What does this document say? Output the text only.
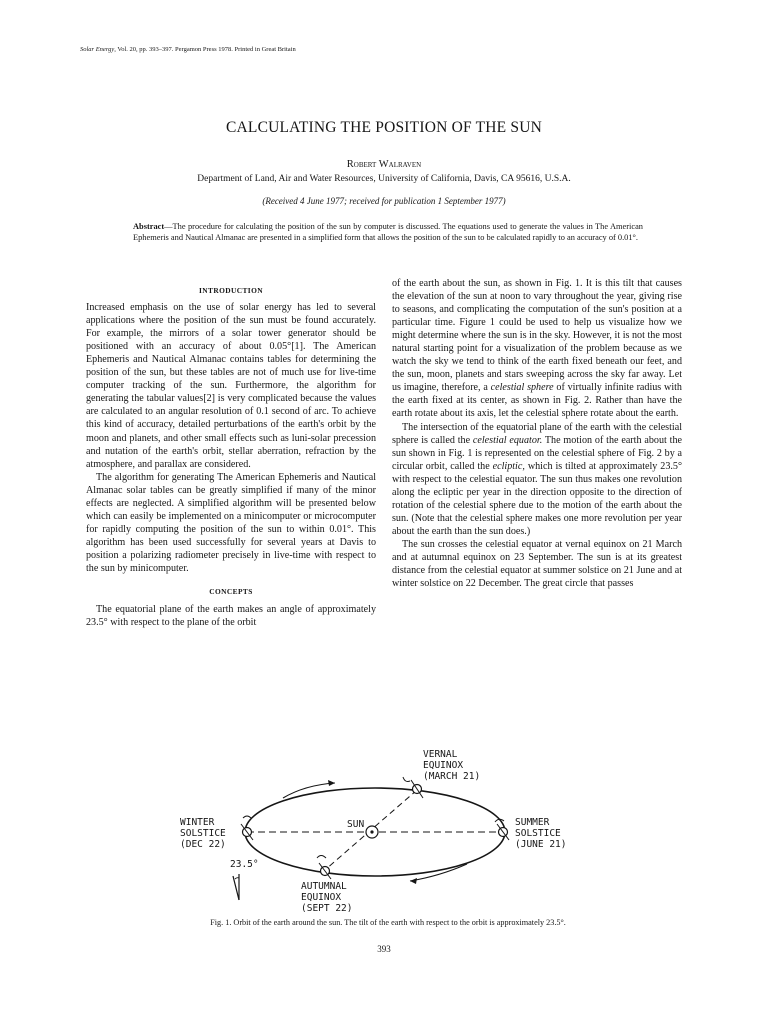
Solar Energy, Vol. 20, pp. 393–397. Pergamon Press 1978. Printed in Great Britain
CALCULATING THE POSITION OF THE SUN
Robert Walraven
Department of Land, Air and Water Resources, University of California, Davis, CA 95616, U.S.A.
(Received 4 June 1977; received for publication 1 September 1977)
Abstract—The procedure for calculating the position of the sun by computer is discussed. The equations used to generate the values in The American Ephemeris and Nautical Almanac are presented in a simplified form that allows the position of the sun to be calculated rapidly to an accuracy of 0.01°.
INTRODUCTION

Increased emphasis on the use of solar energy has led to several applications where the position of the sun must be found accurately. For example, the mirrors of a solar tower generator should be positioned with an accuracy of about 0.05°[1]. The American Ephemeris and Nautical Almanac contains tables for determining the position of the sun, but these tables are not of much use for live-time computer tracking of the sun. Furthermore, the algorithm for generating the tabular values[2] is very complicated because the values are calculated to an angular resolution of 0.1 second of arc. To achieve this kind of accuracy, detailed perturbations of the earth's orbit by the moon and planets, and other small effects such as luni-solar precession and nutation of the earth's orbit, stellar aberration, refraction by the atmosphere, and parallax are considered.

The algorithm for generating The American Ephemeris and Nautical Almanac solar tables can be greatly simplified if many of the minor effects are neglected. A simplified algorithm will be presented below which can easily be implemented on a minicomputer or microcomputer for rapidly computing the position of the sun to within 0.01°. This algorithm has been used successfully for several years at Davis to position a polarizing radiometer precisely in live-time with respect to the sun by minicomputer.

CONCEPTS

The equatorial plane of the earth makes an angle of approximately 23.5° with respect to the plane of the orbit

of the earth about the sun, as shown in Fig. 1. It is this tilt that causes the elevation of the sun at noon to vary throughout the year, giving rise to seasons, and complicating the computation of the sun's position at a particular time. Figure 1 could be used to help us visualize how we might determine where the sun is in the sky. However, it is not the most natural starting point for a visualization of the problem because as we watch the sky we tend to think of the earth fixed beneath our feet, and the sun, moon, planets and stars sweeping across the sky far away. Let us imagine, therefore, a celestial sphere of virtually infinite radius with the earth fixed at its center, as shown in Fig. 2. Rather than have the earth rotate about its axis, let the celestial sphere rotate about the earth.

The intersection of the equatorial plane of the earth with the celestial sphere is called the celestial equator. The motion of the earth about the sun shown in Fig. 1 is represented on the celestial sphere of Fig. 2 by a circular orbit, called the ecliptic, which is tilted at approximately 23.5° with respect to the celestial equator. The sun thus makes one revolution along the ecliptic per year in the direction opposite to the direction of rotation of the celestial sphere due to the motion of the earth about the sun. (Note that the celestial sphere makes one more revolution per year about the earth than the sun does.)

The sun crosses the celestial equator at vernal equinox on 21 March and at autumnal equinox on 23 September. The sun is at its greatest distance from the celestial equator at summer solstice on 21 June and at winter solstice on 22 December. The great circle that passes

VERNAL
EQUINOX
(MARCH 21)
WINTER
SOLSTICE
(DEC 22)
SUMMER
SOLSTICE
(JUNE 21)
AUTUMNAL
EQUINOX
(SEPT 22)
SUN
23.5°
Fig. 1. Orbit of the earth around the sun. The tilt of the earth with respect to the orbit is approximately 23.5°.
393
